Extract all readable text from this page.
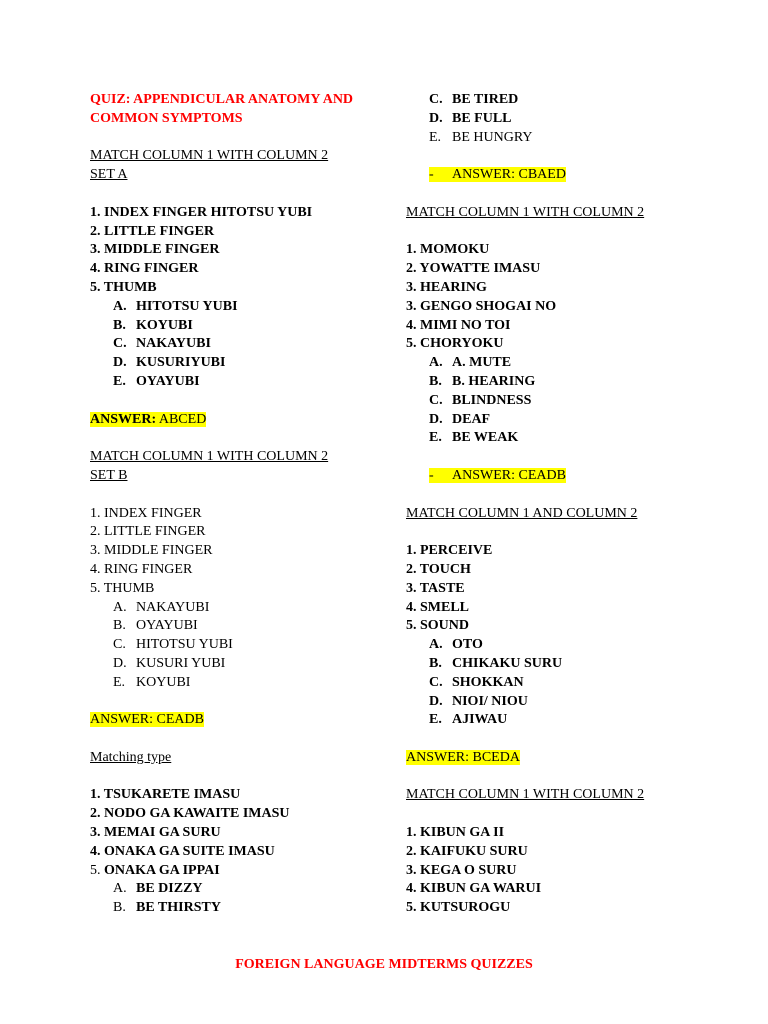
QUIZ: APPENDICULAR ANATOMY AND
COMMON SYMPTOMS
MATCH COLUMN 1 WITH COLUMN 2
SET A
1. INDEX FINGER HITOTSU YUBI
2. LITTLE FINGER
3. MIDDLE FINGER
4. RING FINGER
5. THUMB
A. HITOTSU YUBI
B. KOYUBI
C. NAKAYUBI
D. KUSURIYUBI
E. OYAYUBI
ANSWER: ABCED
MATCH COLUMN 1 WITH COLUMN 2
SET B
1. INDEX FINGER
2. LITTLE FINGER
3. MIDDLE FINGER
4. RING FINGER
5. THUMB
A. NAKAYUBI
B. OYAYUBI
C. HITOTSU YUBI
D. KUSURI YUBI
E. KOYUBI
ANSWER: CEADB
Matching type
1. TSUKARETE IMASU
2. NODO GA KAWAITE IMASU
3. MEMAI GA SURU
4. ONAKA GA SUITE IMASU
5. ONAKA GA IPPAI
A. BE DIZZY
B. BE THIRSTY
C. BE TIRED
D. BE FULL
E. BE HUNGRY
- ANSWER: CBAED
MATCH COLUMN 1 WITH COLUMN 2
1. MOMOKU
2. YOWATTE IMASU
3. HEARING
3. GENGO SHOGAI NO
4. MIMI NO TOI
5. CHORYOKU
A. A. MUTE
B. B. HEARING
C. BLINDNESS
D. DEAF
E. BE WEAK
- ANSWER: CEADB
MATCH COLUMN 1 AND COLUMN 2
1. PERCEIVE
2. TOUCH
3. TASTE
4. SMELL
5. SOUND
A. OTO
B. CHIKAKU SURU
C. SHOKKAN
D. NIOI/ NIOU
E. AJIWAU
ANSWER: BCEDA
MATCH COLUMN 1 WITH COLUMN 2
1. KIBUN GA II
2. KAIFUKU SURU
3. KEGA O SURU
4. KIBUN GA WARUI
5. KUTSUROGU
FOREIGN LANGUAGE MIDTERMS QUIZZES
